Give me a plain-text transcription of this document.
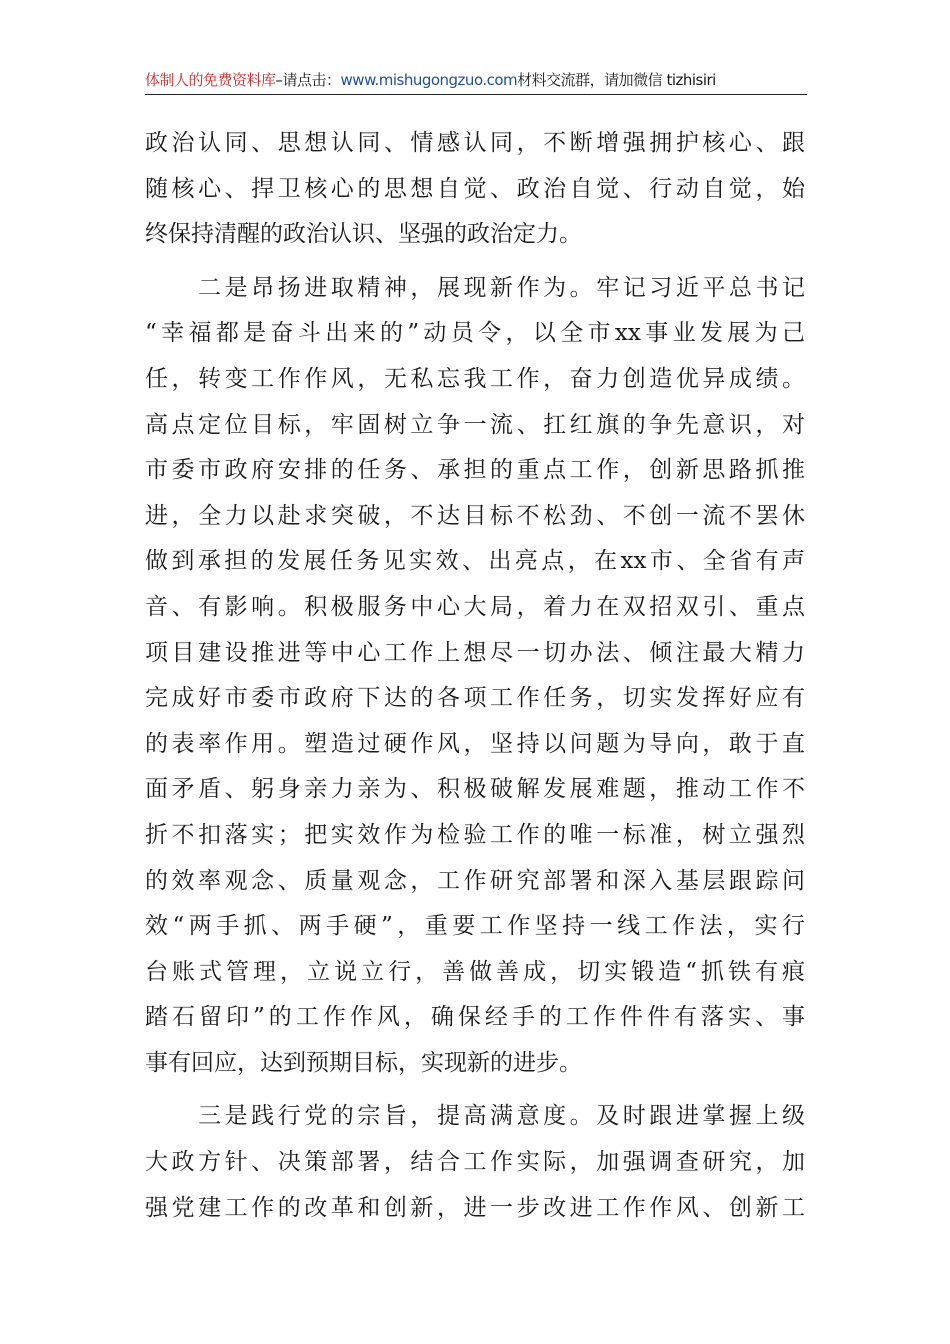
体制人的免费资料库–请点击：www.mishugongzuo.com材料交流群，请加微信 tizhisiri
政治认同、思想认同、情感认同，不断增强拥护核心、跟
随核心、捍卫核心的思想自觉、政治自觉、行动自觉，始
终保持清醒的政治认识、坚强的政治定力。
　　二是昂扬进取精神，展现新作为。牢记习近平总书记
“幸福都是奋斗出来的”动员令，以全市xx事业发展为己
任，转变工作作风，无私忘我工作，奋力创造优异成绩。
高点定位目标，牢固树立争一流、扛红旗的争先意识，对
市委市政府安排的任务、承担的重点工作，创新思路抓推
进，全力以赴求突破，不达目标不松劲、不创一流不罢休
做到承担的发展任务见实效、出亮点，在xx市、全省有声
音、有影响。积极服务中心大局，着力在双招双引、重点
项目建设推进等中心工作上想尽一切办法、倾注最大精力
完成好市委市政府下达的各项工作任务，切实发挥好应有
的表率作用。塑造过硬作风，坚持以问题为导向，敢于直
面矛盾、躬身亲力亲为、积极破解发展难题，推动工作不
折不扣落实；把实效作为检验工作的唯一标准，树立强烈
的效率观念、质量观念，工作研究部署和深入基层跟踪问
效“两手抓、两手硬”，重要工作坚持一线工作法，实行
台账式管理，立说立行，善做善成，切实锻造“抓铁有痕
踏石留印”的工作作风，确保经手的工作件件有落实、事
事有回应，达到预期目标，实现新的进步。
　　三是践行党的宗旨，提高满意度。及时跟进掌握上级
大政方针、决策部署，结合工作实际，加强调查研究，加
强党建工作的改革和创新，进一步改进工作作风、创新工
